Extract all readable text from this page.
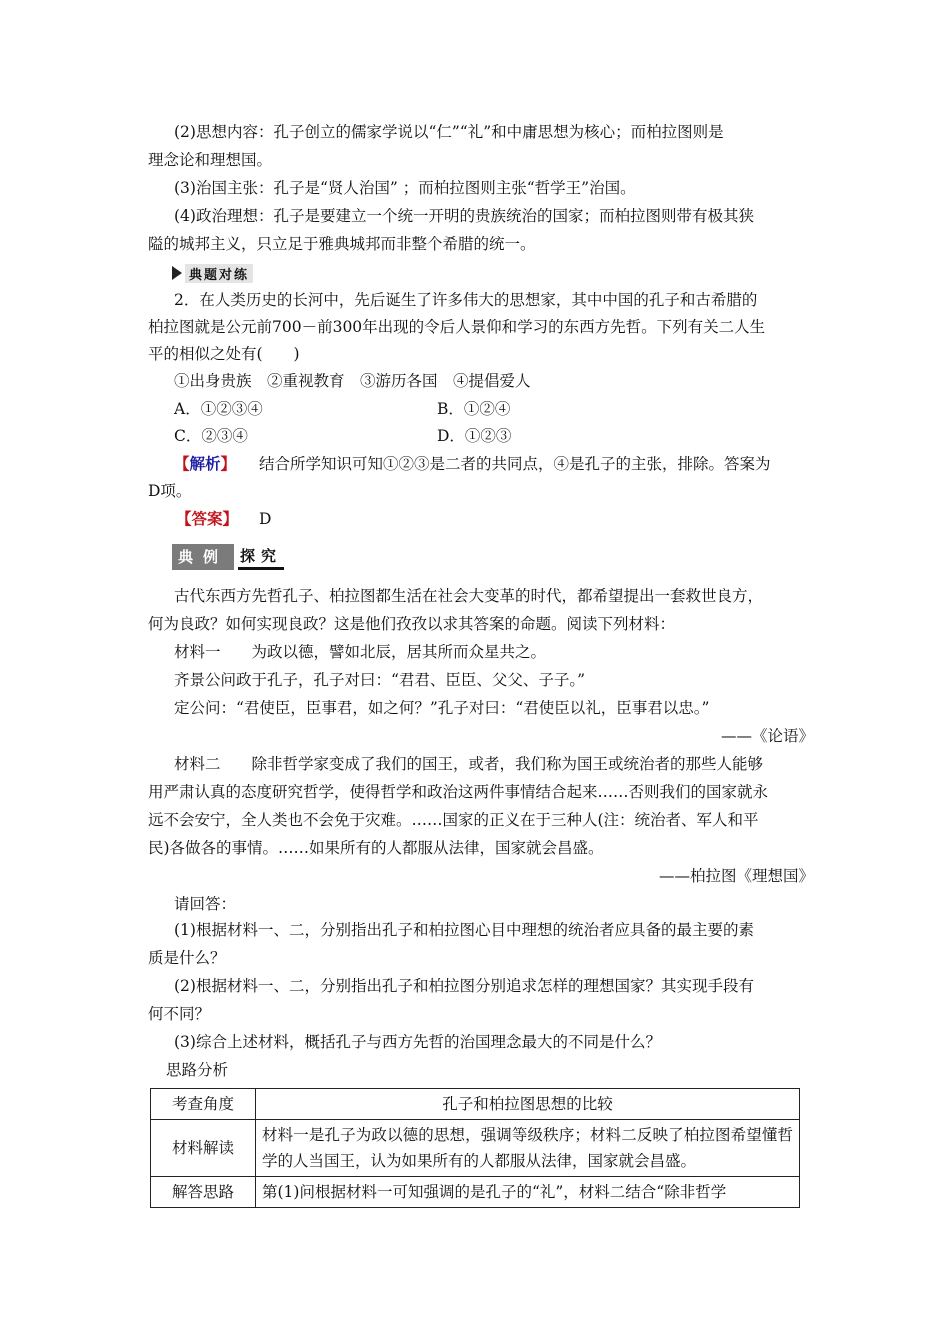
(2)思想内容：孔子创立的儒家学说以“仁”“礼”和中庸思想为核心；而柏拉图则是
理念论和理想国。
(3)治国主张：孔子是“贤人治国” ；而柏拉图则主张“哲学王”治国。
(4)政治理想：孔子是要建立一个统一开明的贵族统治的国家；而柏拉图则带有极其狭
隘的城邦主义，只立足于雅典城邦而非整个希腊的统一。
典题对练
2．在人类历史的长河中，先后诞生了许多伟大的思想家，其中中国的孔子和古希腊的
柏拉图就是公元前700－前300年出现的令后人景仰和学习的东西方先哲。下列有关二人生
平的相似之处有(　　)
①出身贵族　②重视教育　③游历各国　④提倡爱人
A．①②③④	B．①②④
C．②③④	D．①②③
【解析】	结合所学知识可知①②③是二者的共同点，④是孔子的主张，排除。答案为
D项。
【答案】	D
典例 探究
古代东西方先哲孔子、柏拉图都生活在社会大变革的时代，都希望提出一套救世良方，
何为良政？如何实现良政？这是他们孜孜以求其答案的命题。阅读下列材料：
材料一　　为政以德，譬如北辰，居其所而众星共之。
齐景公问政于孔子，孔子对曰：“君君、臣臣、父父、子子。”
定公问：“君使臣，臣事君，如之何？”孔子对曰：“君使臣以礼，臣事君以忠。”
——《论语》
材料二　　除非哲学家变成了我们的国王，或者，我们称为国王或统治者的那些人能够
用严肃认真的态度研究哲学，使得哲学和政治这两件事情结合起来……否则我们的国家就永
远不会安宁，全人类也不会免于灾难。……国家的正义在于三种人(注：统治者、军人和平
民)各做各的事情。……如果所有的人都服从法律，国家就会昌盛。
——柏拉图《理想国》
请回答：
(1)根据材料一、二，分别指出孔子和柏拉图心目中理想的统治者应具备的最主要的素
质是什么？
(2)根据材料一、二，分别指出孔子和柏拉图分别追求怎样的理想国家？其实现手段有
何不同？
(3)综合上述材料，概括孔子与西方先哲的治国理念最大的不同是什么？
思路分析
考查角度	孔子和柏拉图思想的比较
材料解读	材料一是孔子为政以德的思想，强调等级秩序；材料二反映了柏拉图希望懂哲学的人当国王，认为如果所有的人都服从法律，国家就会昌盛。
解答思路	第(1)问根据材料一可知强调的是孔子的“礼”，材料二结合“除非哲学
